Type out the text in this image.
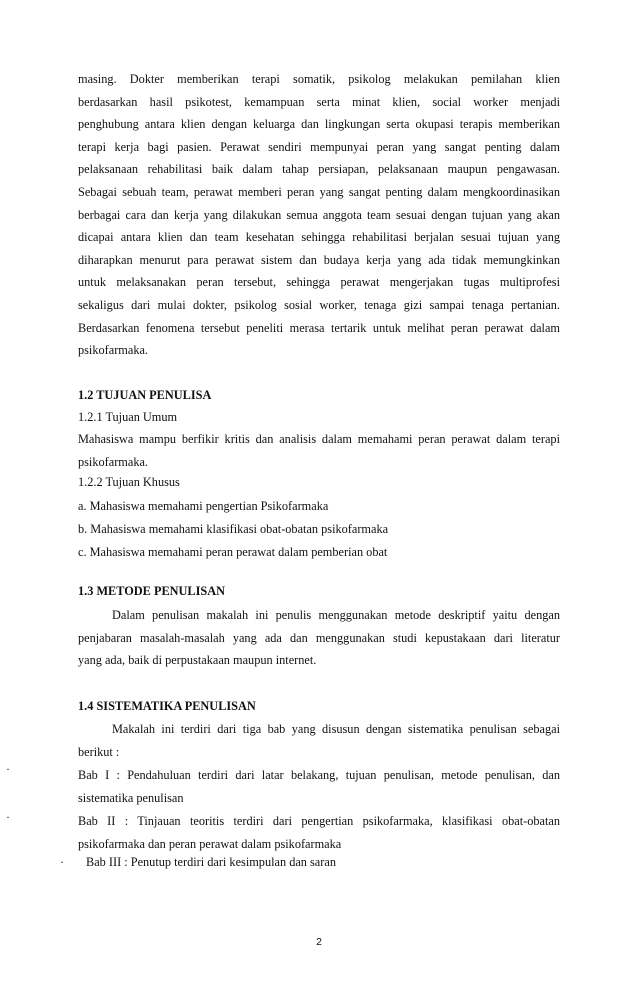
masing. Dokter memberikan terapi somatik, psikolog melakukan pemilahan klien
berdasarkan hasil psikotest, kemampuan serta minat klien, social worker menjadi
penghubung antara klien dengan keluarga dan lingkungan serta okupasi terapis memberikan
terapi kerja bagi pasien. Perawat sendiri mempunyai peran yang sangat penting dalam
pelaksanaan rehabilitasi baik dalam tahap persiapan, pelaksanaan maupun pengawasan.
Sebagai sebuah team, perawat memberi peran yang sangat penting dalam mengkoordinasikan
berbagai cara dan kerja yang dilakukan semua anggota team sesuai dengan tujuan yang akan
dicapai antara klien dan team kesehatan sehingga rehabilitasi berjalan sesuai tujuan yang
diharapkan menurut para perawat sistem dan budaya kerja yang ada tidak memungkinkan
untuk melaksanakan peran tersebut, sehingga perawat mengerjakan tugas multiprofesi
sekaligus dari mulai dokter, psikolog sosial worker, tenaga gizi sampai tenaga pertanian.
Berdasarkan fenomena tersebut peneliti merasa tertarik untuk melihat peran perawat dalam
psikofarmaka.

1.2 TUJUAN PENULISA

1.2.1 Tujuan Umum

Mahasiswa mampu berfikir kritis dan analisis dalam memahami peran perawat dalam terapi
psikofarmaka.

1.2.2 Tujuan Khusus

a. Mahasiswa memahami pengertian Psikofarmaka

b. Mahasiswa memahami klasifikasi obat-obatan psikofarmaka

c. Mahasiswa memahami peran perawat dalam pemberian obat

1.3 METODE PENULISAN

Dalam penulisan makalah ini penulis menggunakan metode deskriptif yaitu dengan
penjabaran masalah-masalah yang ada dan menggunakan studi kepustakaan dari literatur
yang ada, baik di perpustakaan maupun internet.

1.4 SISTEMATIKA PENULISAN

Makalah ini terdiri dari tiga bab yang disusun dengan sistematika penulisan sebagai
berikut :
·	Bab I : Pendahuluan terdiri dari latar belakang, tujuan penulisan, metode penulisan, dan
sistematika penulisan
·	Bab II : Tinjauan teoritis terdiri dari pengertian psikofarmaka, klasifikasi obat-obatan
psikofarmaka dan peran perawat dalam psikofarmaka
· Bab III : Penutup terdiri dari kesimpulan dan saran

2
